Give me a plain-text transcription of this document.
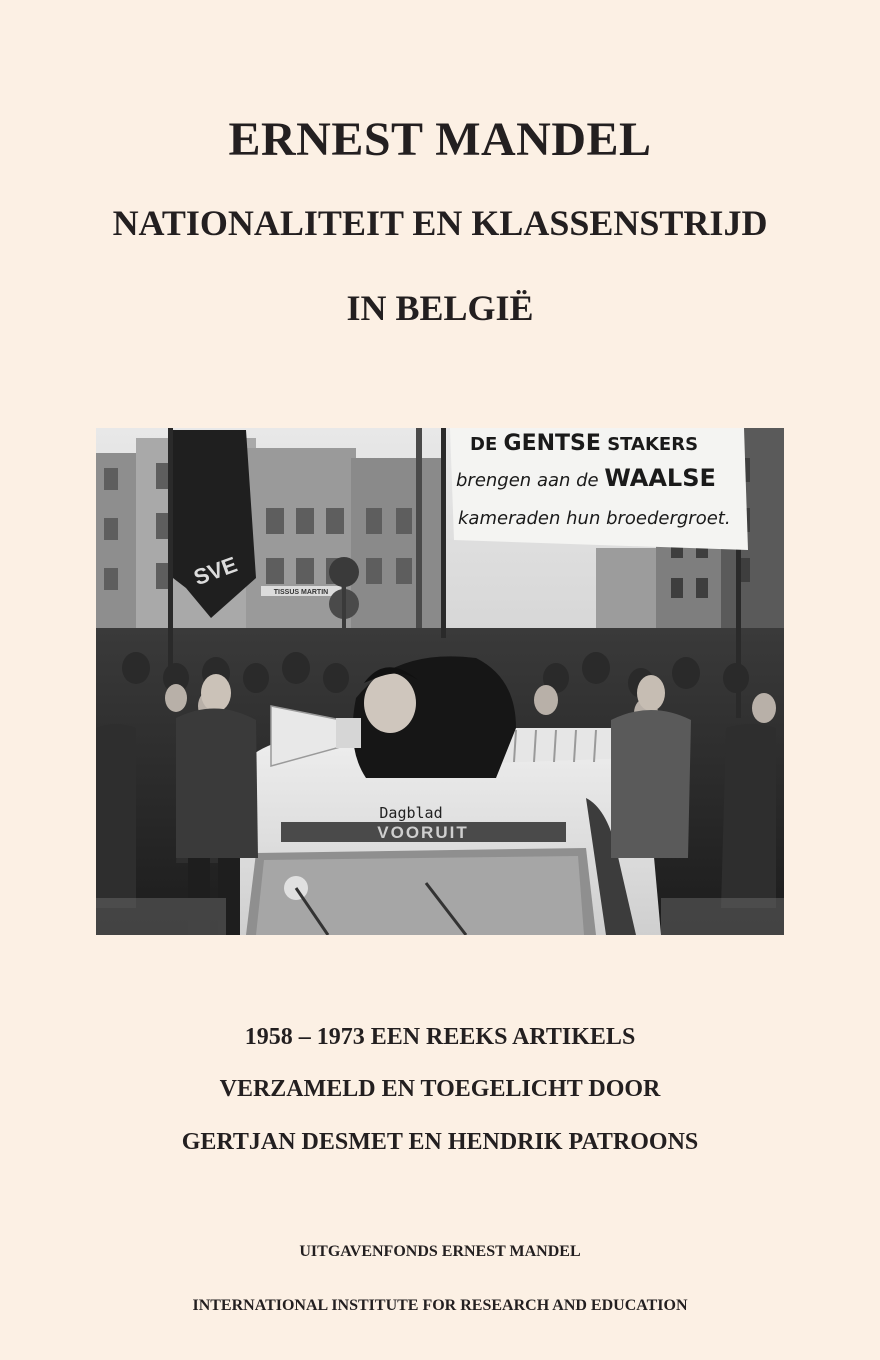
ERNEST MANDEL
NATIONALITEIT EN KLASSENSTRIJD
IN BELGIË
TISSUS MARTIN
SVE
DE GENTSE STAKERS
brengen aan de WAALSE
kameraden hun broedergroet.
Dagblad
VOORUIT
1958 – 1973 EEN REEKS ARTIKELS
VERZAMELD EN TOEGELICHT DOOR
GERTJAN DESMET EN HENDRIK PATROONS
UITGAVENFONDS ERNEST MANDEL
INTERNATIONAL INSTITUTE FOR RESEARCH AND EDUCATION
